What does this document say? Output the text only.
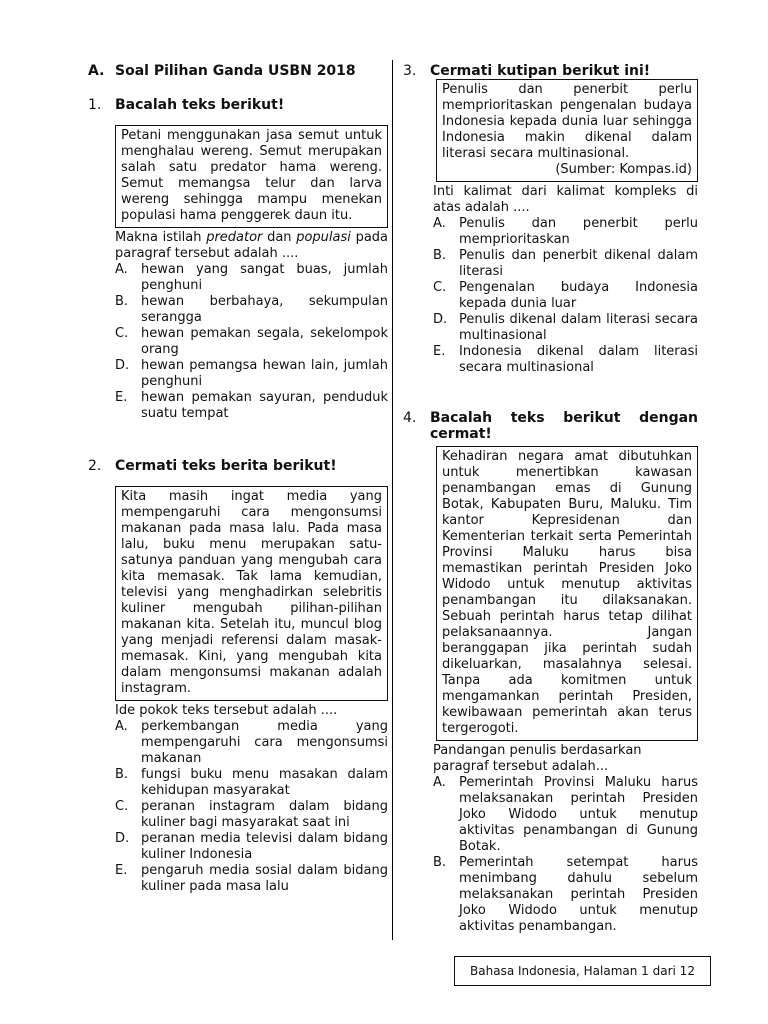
A. Soal Pilihan Ganda USBN 2018
1. Bacalah teks berikut!

Petani menggunakan jasa semut untuk menghalau wereng. Semut merupakan salah satu predator hama wereng. Semut memangsa telur dan larva wereng sehingga mampu menekan populasi hama penggerek daun itu.

Makna istilah predator dan populasi pada paragraf tersebut adalah ....
A.	hewan yang sangat buas, jumlah penghuni
B. hewan berbahaya, sekumpulan serangga
C. hewan pemakan segala, sekelompok orang
D. hewan pemangsa hewan lain, jumlah penghuni
E.	hewan pemakan sayuran, penduduk suatu tempat
2. Cermati teks berita berikut!

Kita masih ingat media yang mempengaruhi cara mengonsumsi makanan pada masa lalu. Pada masa lalu, buku menu merupakan satu-satunya panduan yang mengubah cara kita memasak. Tak lama kemudian, televisi yang menghadirkan selebritis kuliner mengubah pilihan-pilihan makanan kita. Setelah itu, muncul blog yang menjadi referensi dalam masak-memasak. Kini, yang mengubah kita dalam mengonsumsi makanan adalah instagram.

Ide pokok teks tersebut adalah ....
A.	perkembangan media yang mempengaruhi cara mengonsumsi makanan
B. fungsi buku menu masakan dalam kehidupan masyarakat
C. peranan instagram dalam bidang kuliner bagi masyarakat saat ini
D. peranan media televisi dalam bidang kuliner Indonesia
E.	pengaruh media sosial dalam bidang kuliner pada masa lalu
3. Cermati kutipan berikut ini!

Penulis dan penerbit perlu memprioritaskan pengenalan budaya Indonesia kepada dunia luar sehingga Indonesia makin dikenal dalam literasi secara multinasional.

(Sumber: Kompas.id)

Inti kalimat dari kalimat kompleks di atas adalah ....
A.	Penulis dan penerbit perlu memprioritaskan
B. Penulis dan penerbit dikenal dalam literasi
C. Pengenalan budaya Indonesia kepada dunia luar
D. Penulis dikenal dalam literasi secara multinasional
E.	Indonesia dikenal dalam literasi secara multinasional
4. Bacalah teks berikut dengan cermat!

Kehadiran negara amat dibutuhkan untuk menertibkan kawasan penambangan emas di Gunung Botak, Kabupaten Buru, Maluku. Tim kantor Kepresidenan dan Kementerian terkait serta Pemerintah Provinsi Maluku harus bisa memastikan perintah Presiden Joko Widodo untuk menutup aktivitas penambangan itu dilaksanakan. Sebuah perintah harus tetap dilihat pelaksanaannya. Jangan beranggapan jika perintah sudah dikeluarkan, masalahnya selesai. Tanpa ada komitmen untuk mengamankan perintah Presiden, kewibawaan pemerintah akan terus tergerogoti.

Pandangan penulis berdasarkan paragraf tersebut adalah...
A.	Pemerintah Provinsi Maluku harus melaksanakan perintah Presiden Joko Widodo untuk menutup aktivitas penambangan di Gunung Botak.
B. Pemerintah setempat harus menimbang dahulu sebelum melaksanakan perintah Presiden Joko Widodo untuk menutup aktivitas penambangan.
Bahasa Indonesia, Halaman 1 dari 12
